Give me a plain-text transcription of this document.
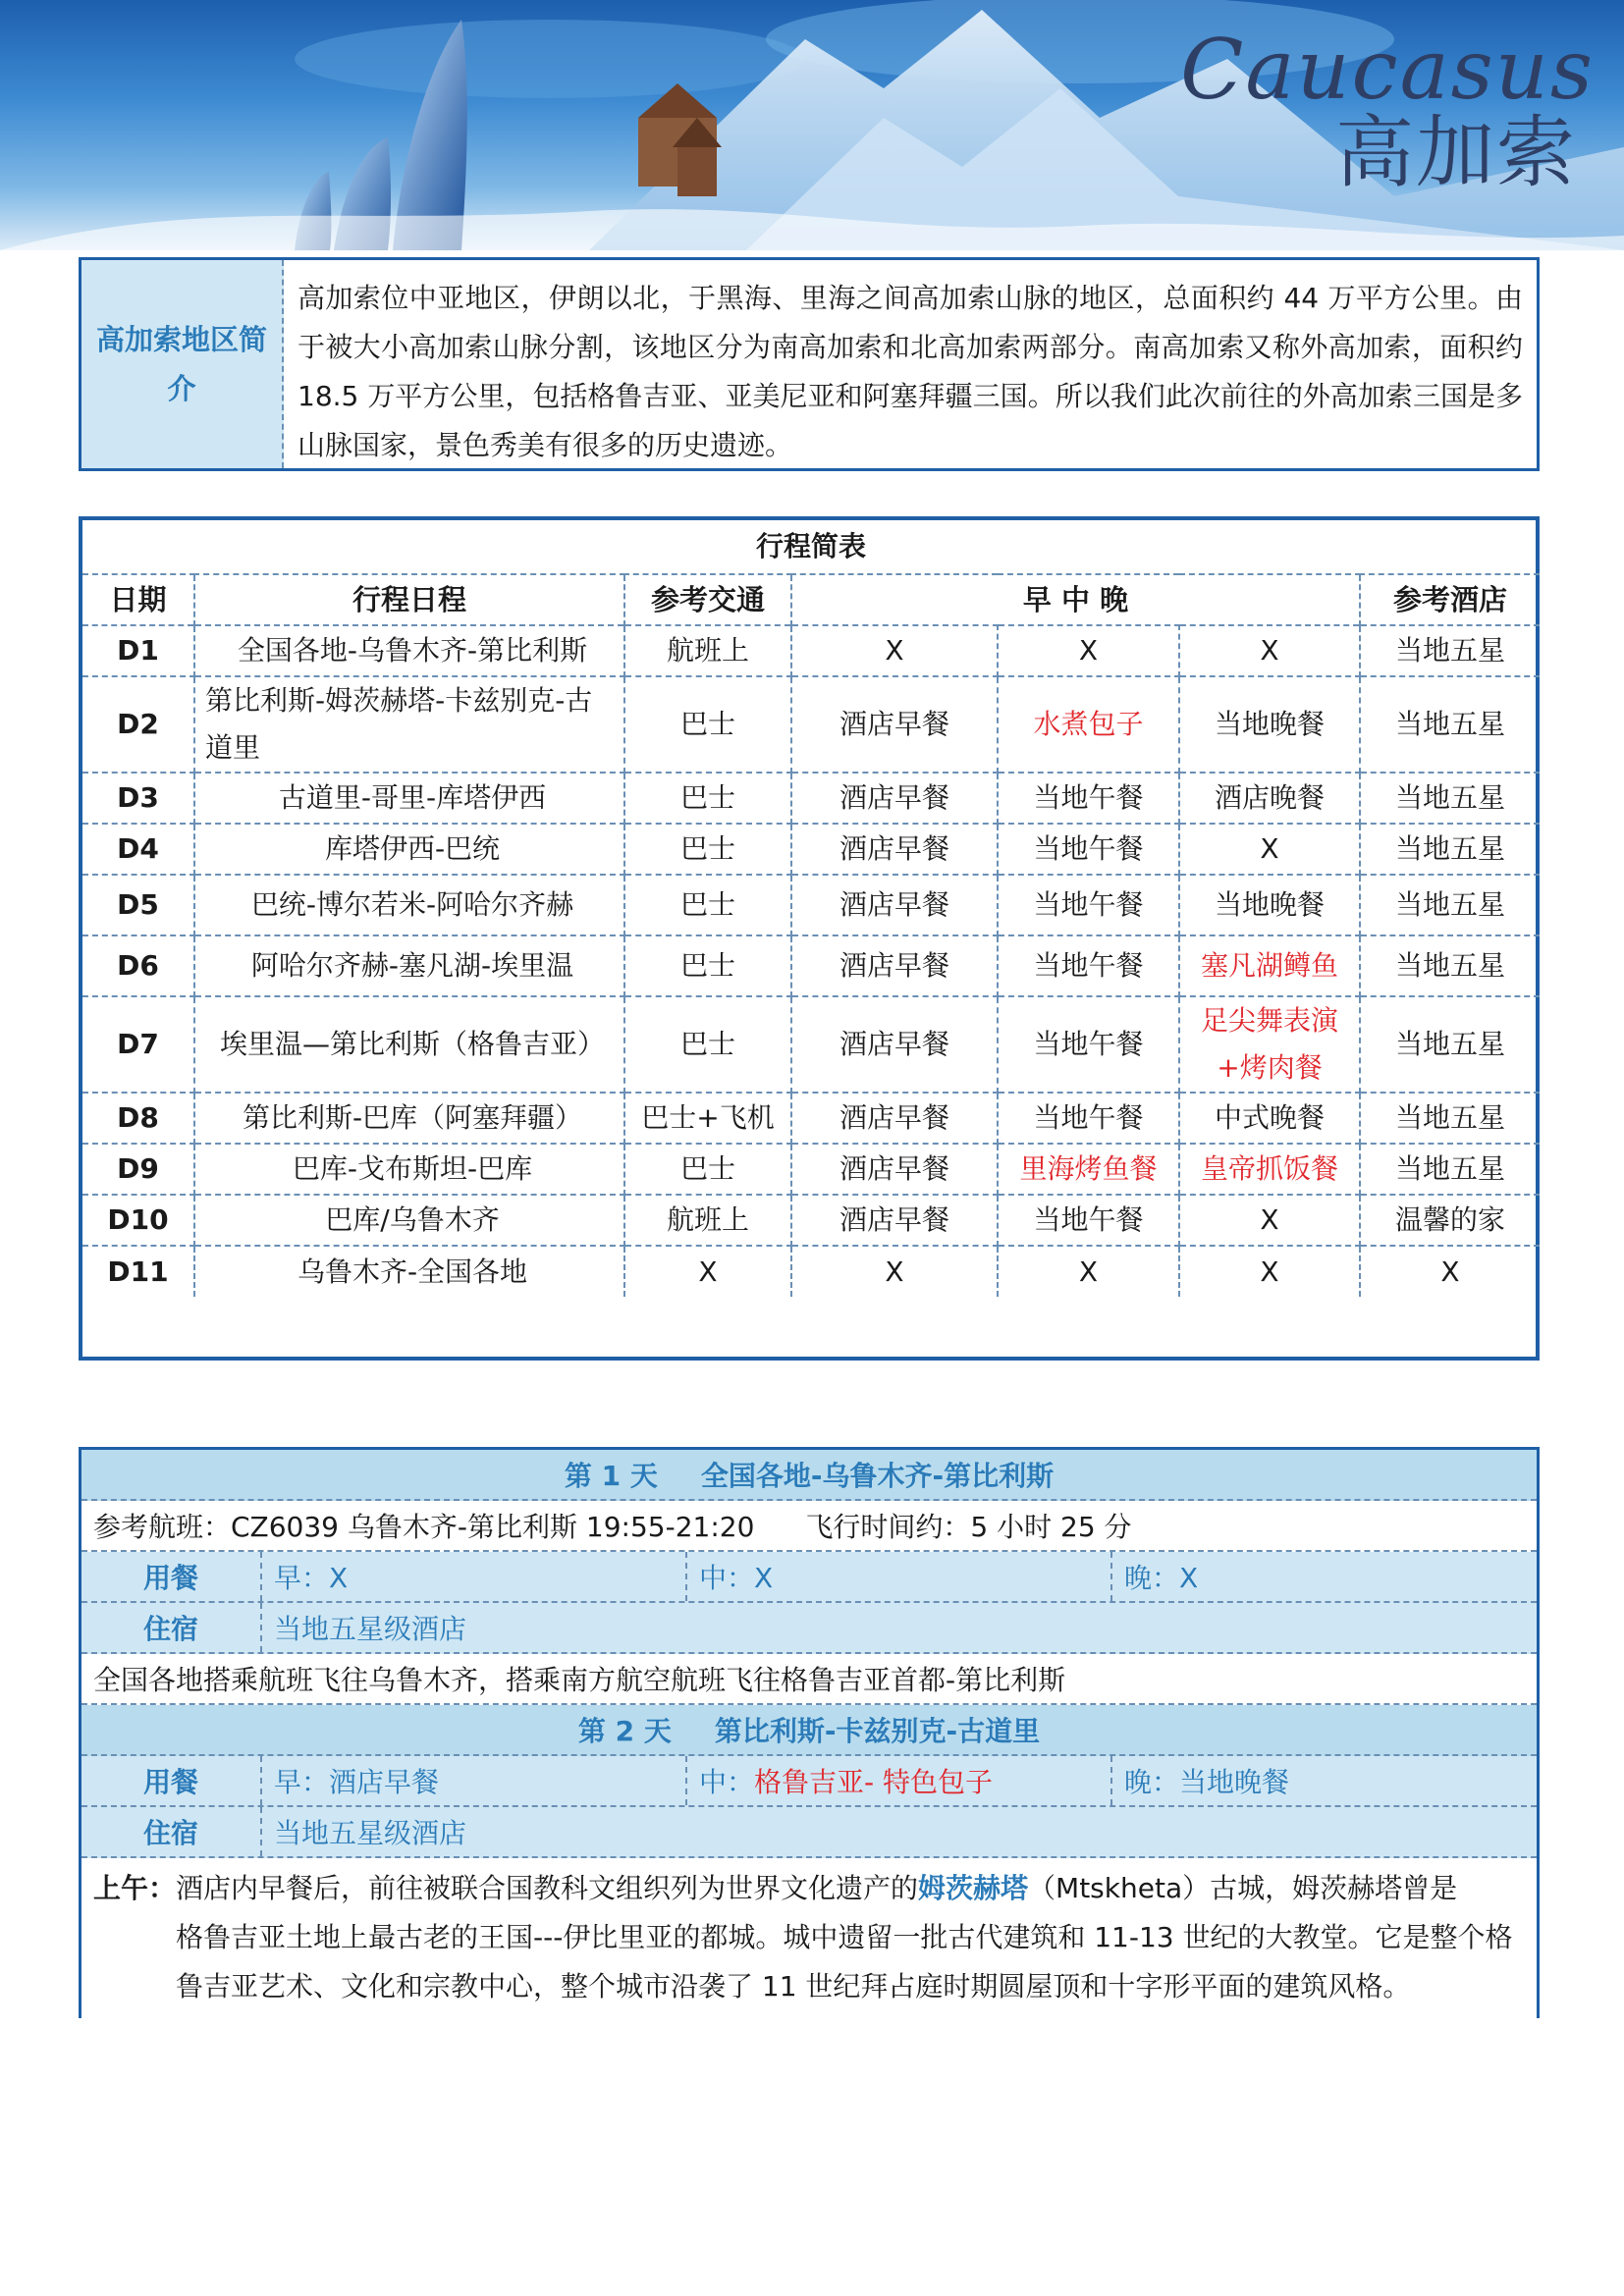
Caucasus
高加索
高加索地区简介
高加索位中亚地区，伊朗以北，于黑海、里海之间高加索山脉的地区，总面积约 44 万平方公里。由于被大小高加索山脉分割，该地区分为南高加索和北高加索两部分。南高加索又称外高加索，面积约 18.5 万平方公里，包括格鲁吉亚、亚美尼亚和阿塞拜疆三国。所以我们此次前往的外高加索三国是多山脉国家，景色秀美有很多的历史遗迹。
行程简表						
日期	行程日程	参考交通	早 中 晚			参考酒店
D1	全国各地-乌鲁木齐-第比利斯	航班上	X	X	X	当地五星
D2	第比利斯-姆茨赫塔-卡兹别克-古道里	巴士	酒店早餐	水煮包子	当地晚餐	当地五星
D3	古道里-哥里-库塔伊西	巴士	酒店早餐	当地午餐	酒店晚餐	当地五星
D4	库塔伊西-巴统	巴士	酒店早餐	当地午餐	X	当地五星
D5	巴统-博尔若米-阿哈尔齐赫	巴士	酒店早餐	当地午餐	当地晚餐	当地五星
D6	阿哈尔齐赫-塞凡湖-埃里温	巴士	酒店早餐	当地午餐	塞凡湖鳟鱼	当地五星
D7	埃里温—第比利斯（格鲁吉亚）	巴士	酒店早餐	当地午餐	足尖舞表演+烤肉餐	当地五星
D8	第比利斯-巴库（阿塞拜疆）	巴士+飞机	酒店早餐	当地午餐	中式晚餐	当地五星
D9	巴库-戈布斯坦-巴库	巴士	酒店早餐	里海烤鱼餐	皇帝抓饭餐	当地五星
D10	巴库/乌鲁木齐	航班上	酒店早餐	当地午餐	X	温馨的家
D11	乌鲁木齐-全国各地	X	X	X	X	X
第 1 天 全国各地-乌鲁木齐-第比利斯
参考航班：CZ6039 乌鲁木齐-第比利斯 19:55-21:20 飞行时间约：5 小时 25 分
用餐	早：X	中：X	晚：X
住宿	当地五星级酒店
全国各地搭乘航班飞往乌鲁木齐，搭乘南方航空航班飞往格鲁吉亚首都-第比利斯
第 2 天 第比利斯-卡兹别克-古道里
用餐	早：酒店早餐	中： 格鲁吉亚- 特色包子	晚：当地晚餐
住宿	当地五星级酒店
上午：酒店内早餐后，前往被联合国教科文组织列为世界文化遗产的姆茨赫塔（Mtskheta）古城，姆茨赫塔曾是
格鲁吉亚土地上最古老的王国---伊比里亚的都城。城中遗留一批古代建筑和 11-13 世纪的大教堂。它是整个格鲁吉亚艺术、文化和宗教中心，整个城市沿袭了 11 世纪拜占庭时期圆屋顶和十字形平面的建筑风格。
